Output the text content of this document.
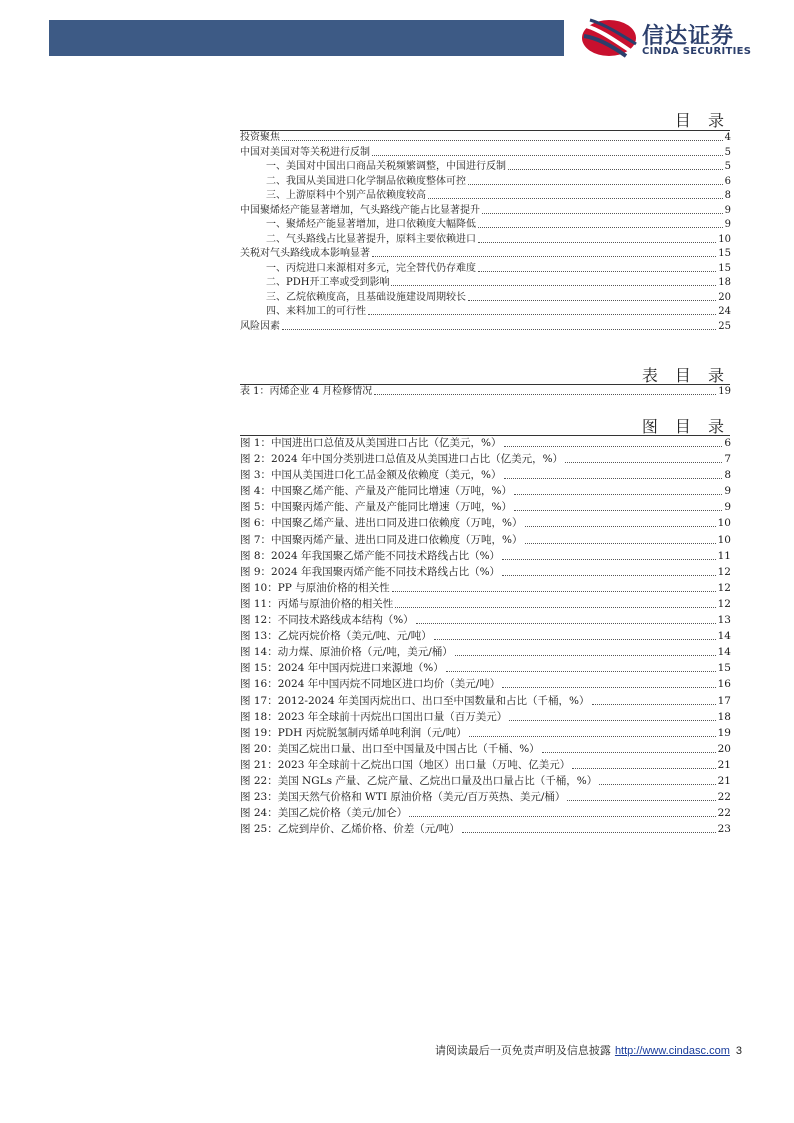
信达证券
CINDA SECURITIES
目 录
投资聚焦	4
中国对美国对等关税进行反制	5
一、美国对中国出口商品关税频繁调整，中国进行反制	5
二、我国从美国进口化学制品依赖度整体可控	6
三、上游原料中个别产品依赖度较高	8
中国聚烯烃产能显著增加，气头路线产能占比显著提升	9
一、聚烯烃产能显著增加，进口依赖度大幅降低	9
二、气头路线占比显著提升，原料主要依赖进口	10
关税对气头路线成本影响显著	15
一、丙烷进口来源相对多元，完全替代仍存难度	15
二、PDH开工率或受到影响	18
三、乙烷依赖度高，且基础设施建设周期较长	20
四、来料加工的可行性	24
风险因素	25
表 目 录
表 1：丙烯企业 4 月检修情况	19
图 目 录
图 1：中国进出口总值及从美国进口占比（亿美元，%）	6
图 2：2024 年中国分类别进口总值及从美国进口占比（亿美元，%）	7
图 3：中国从美国进口化工品金额及依赖度（美元，%）	8
图 4：中国聚乙烯产能、产量及产能同比增速（万吨，%）	9
图 5：中国聚丙烯产能、产量及产能同比增速（万吨，%）	9
图 6：中国聚乙烯产量、进出口同及进口依赖度（万吨，%）	10
图 7：中国聚丙烯产量、进出口同及进口依赖度（万吨，%）	10
图 8：2024 年我国聚乙烯产能不同技术路线占比（%）	11
图 9：2024 年我国聚丙烯产能不同技术路线占比（%）	12
图 10：PP 与原油价格的相关性	12
图 11：丙烯与原油价格的相关性	12
图 12：不同技术路线成本结构（%）	13
图 13：乙烷丙烷价格（美元/吨、元/吨）	14
图 14：动力煤、原油价格（元/吨，美元/桶）	14
图 15：2024 年中国丙烷进口来源地（%）	15
图 16：2024 年中国丙烷不同地区进口均价（美元/吨）	16
图 17：2012-2024 年美国丙烷出口、出口至中国数量和占比（千桶，%）	17
图 18：2023 年全球前十丙烷出口国出口量（百万美元）	18
图 19：PDH 丙烷脱氢制丙烯单吨利润（元/吨）	19
图 20：美国乙烷出口量、出口至中国量及中国占比（千桶、%）	20
图 21：2023 年全球前十乙烷出口国（地区）出口量（万吨、亿美元）	21
图 22：美国 NGLs 产量、乙烷产量、乙烷出口量及出口量占比（千桶，%）	21
图 23：美国天然气价格和 WTI 原油价格（美元/百万英热、美元/桶）	22
图 24：美国乙烷价格（美元/加仑）	22
图 25：乙烷到岸价、乙烯价格、价差（元/吨）	23
请阅读最后一页免责声明及信息披露 http://www.cindasc.com 3
